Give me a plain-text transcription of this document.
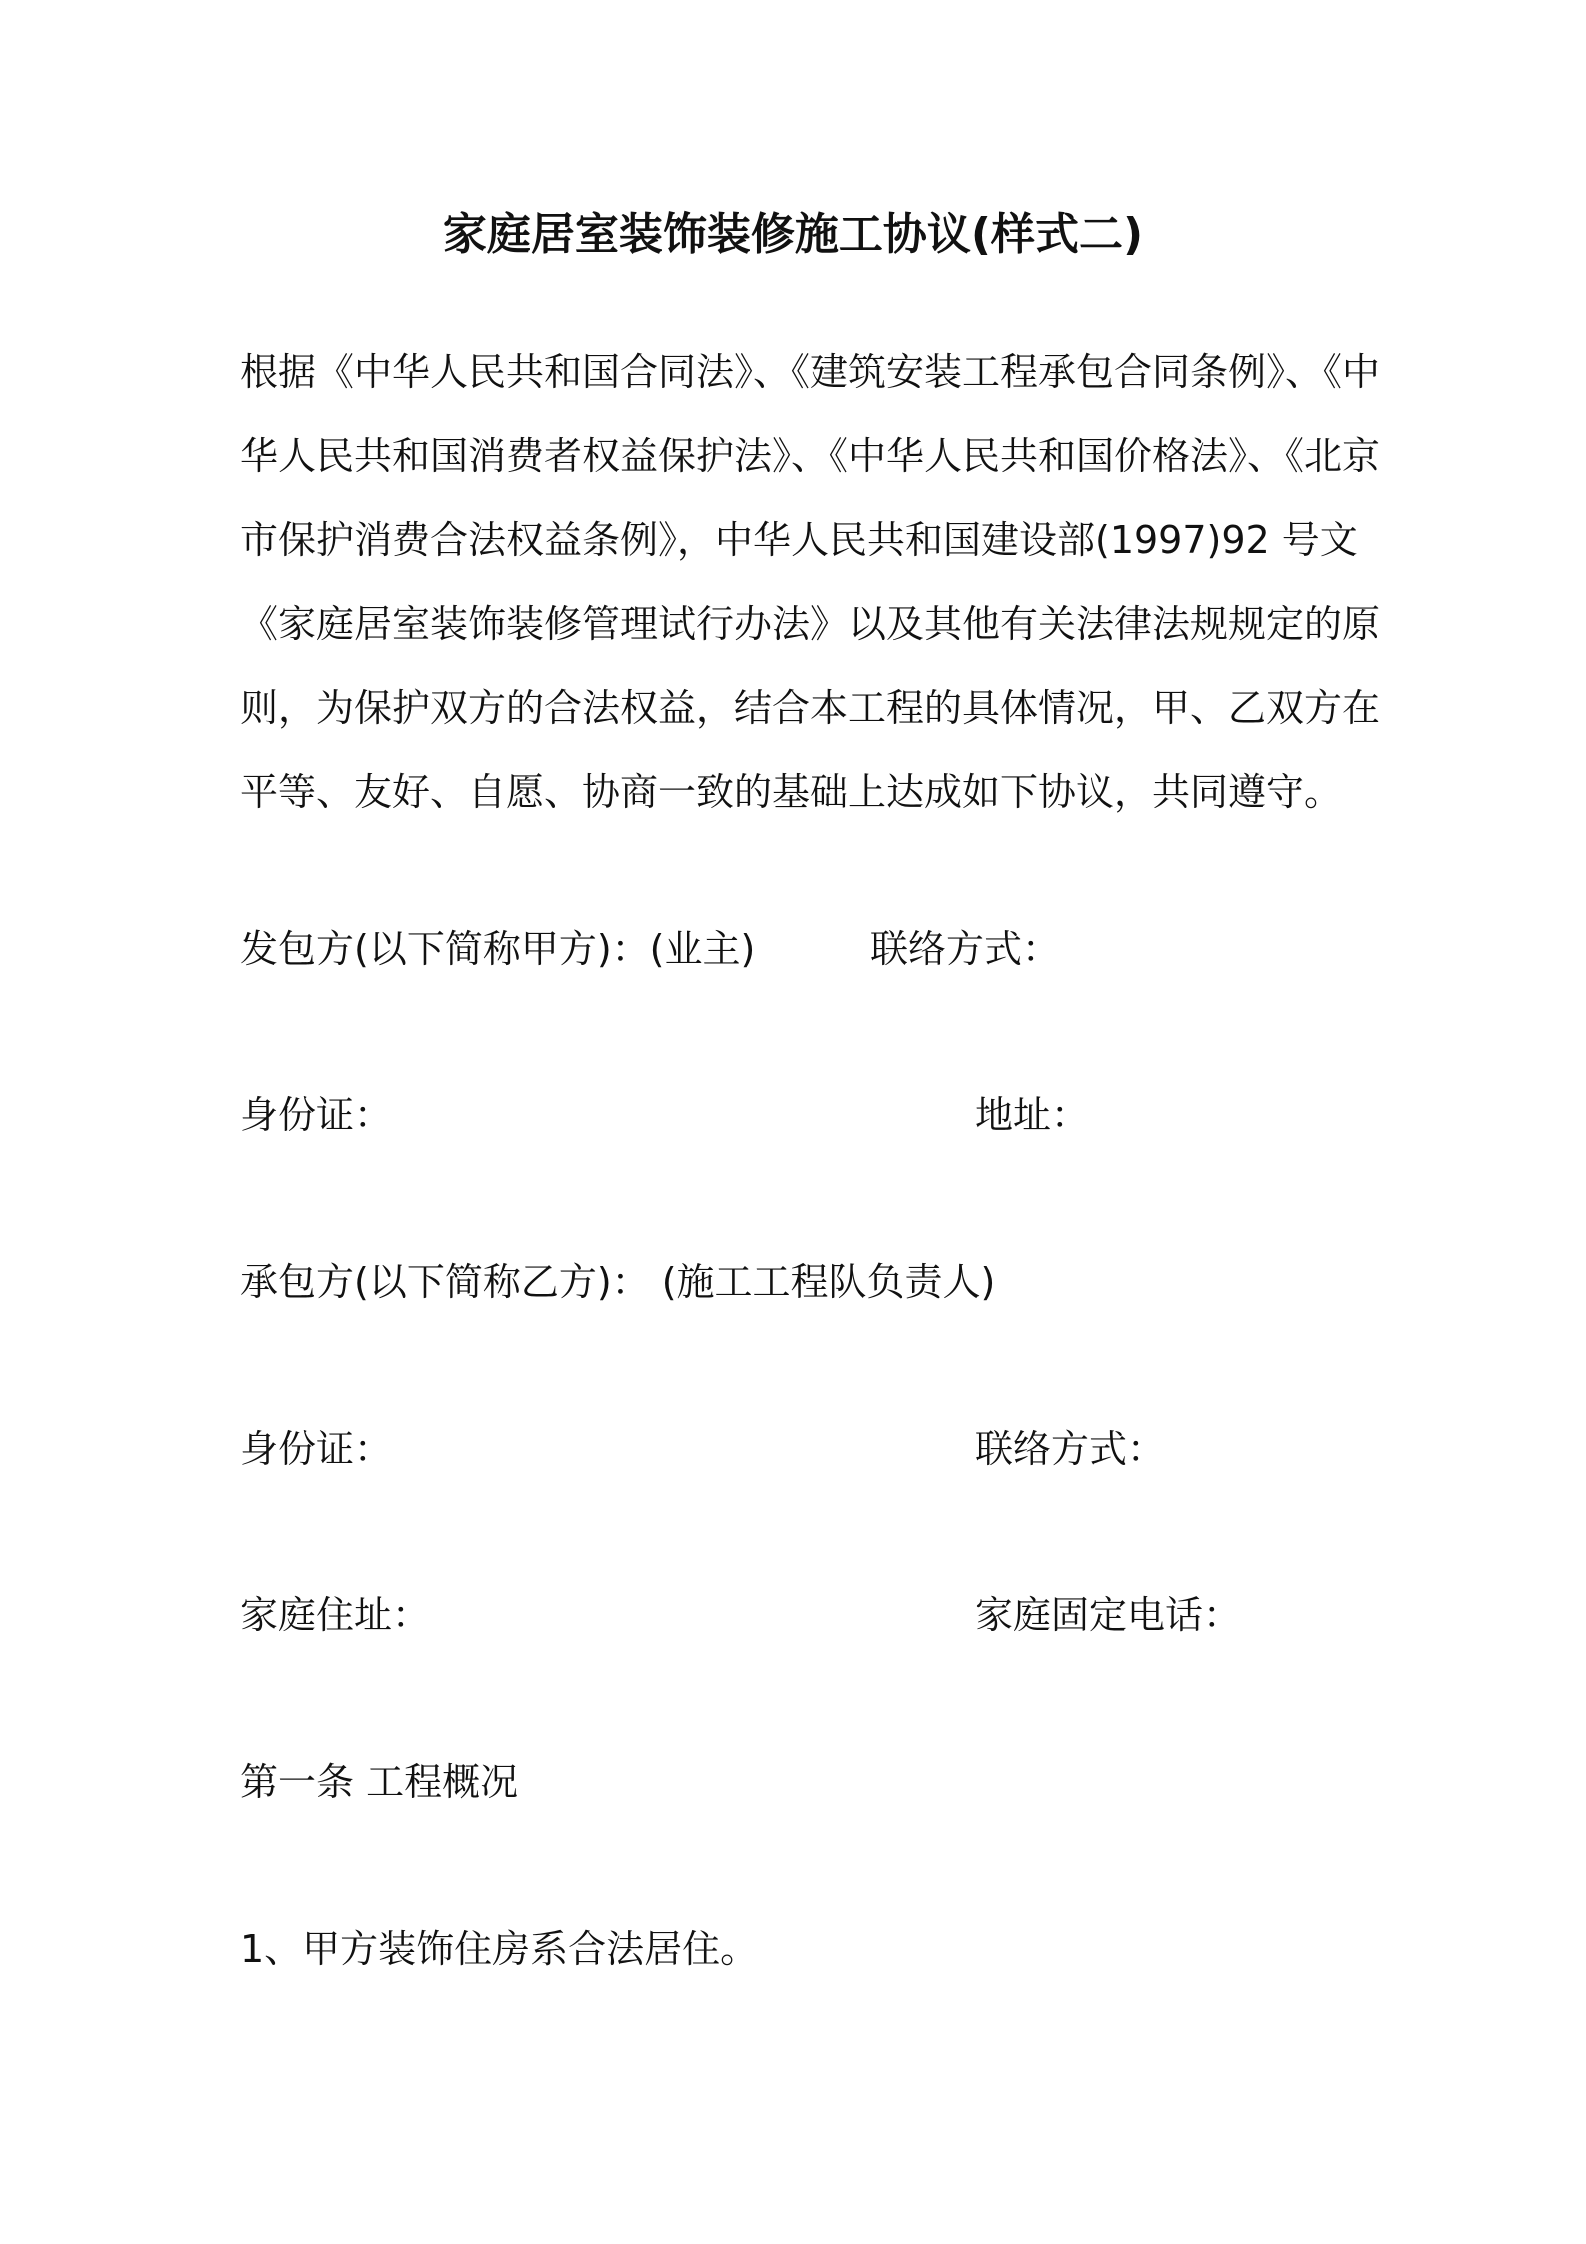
家庭居室装饰装修施工协议(样式二)
根据《中华人民共和国合同法》、《建筑安装工程承包合同条例》、《中
华人民共和国消费者权益保护法》、《中华人民共和国价格法》、《北京
市保护消费合法权益条例》，中华人民共和国建设部(1997)92 号文
《家庭居室装饰装修管理试行办法》以及其他有关法律法规规定的原
则，为保护双方的合法权益，结合本工程的具体情况，甲、乙双方在
平等、友好、自愿、协商一致的基础上达成如下协议，共同遵守。
发包方(以下简称甲方)：(业主)	联络方式：
身份证：	地址：
承包方(以下简称乙方)： (施工工程队负责人)
身份证：	联络方式：
家庭住址：	家庭固定电话：
第一条 工程概况
1、甲方装饰住房系合法居住。
